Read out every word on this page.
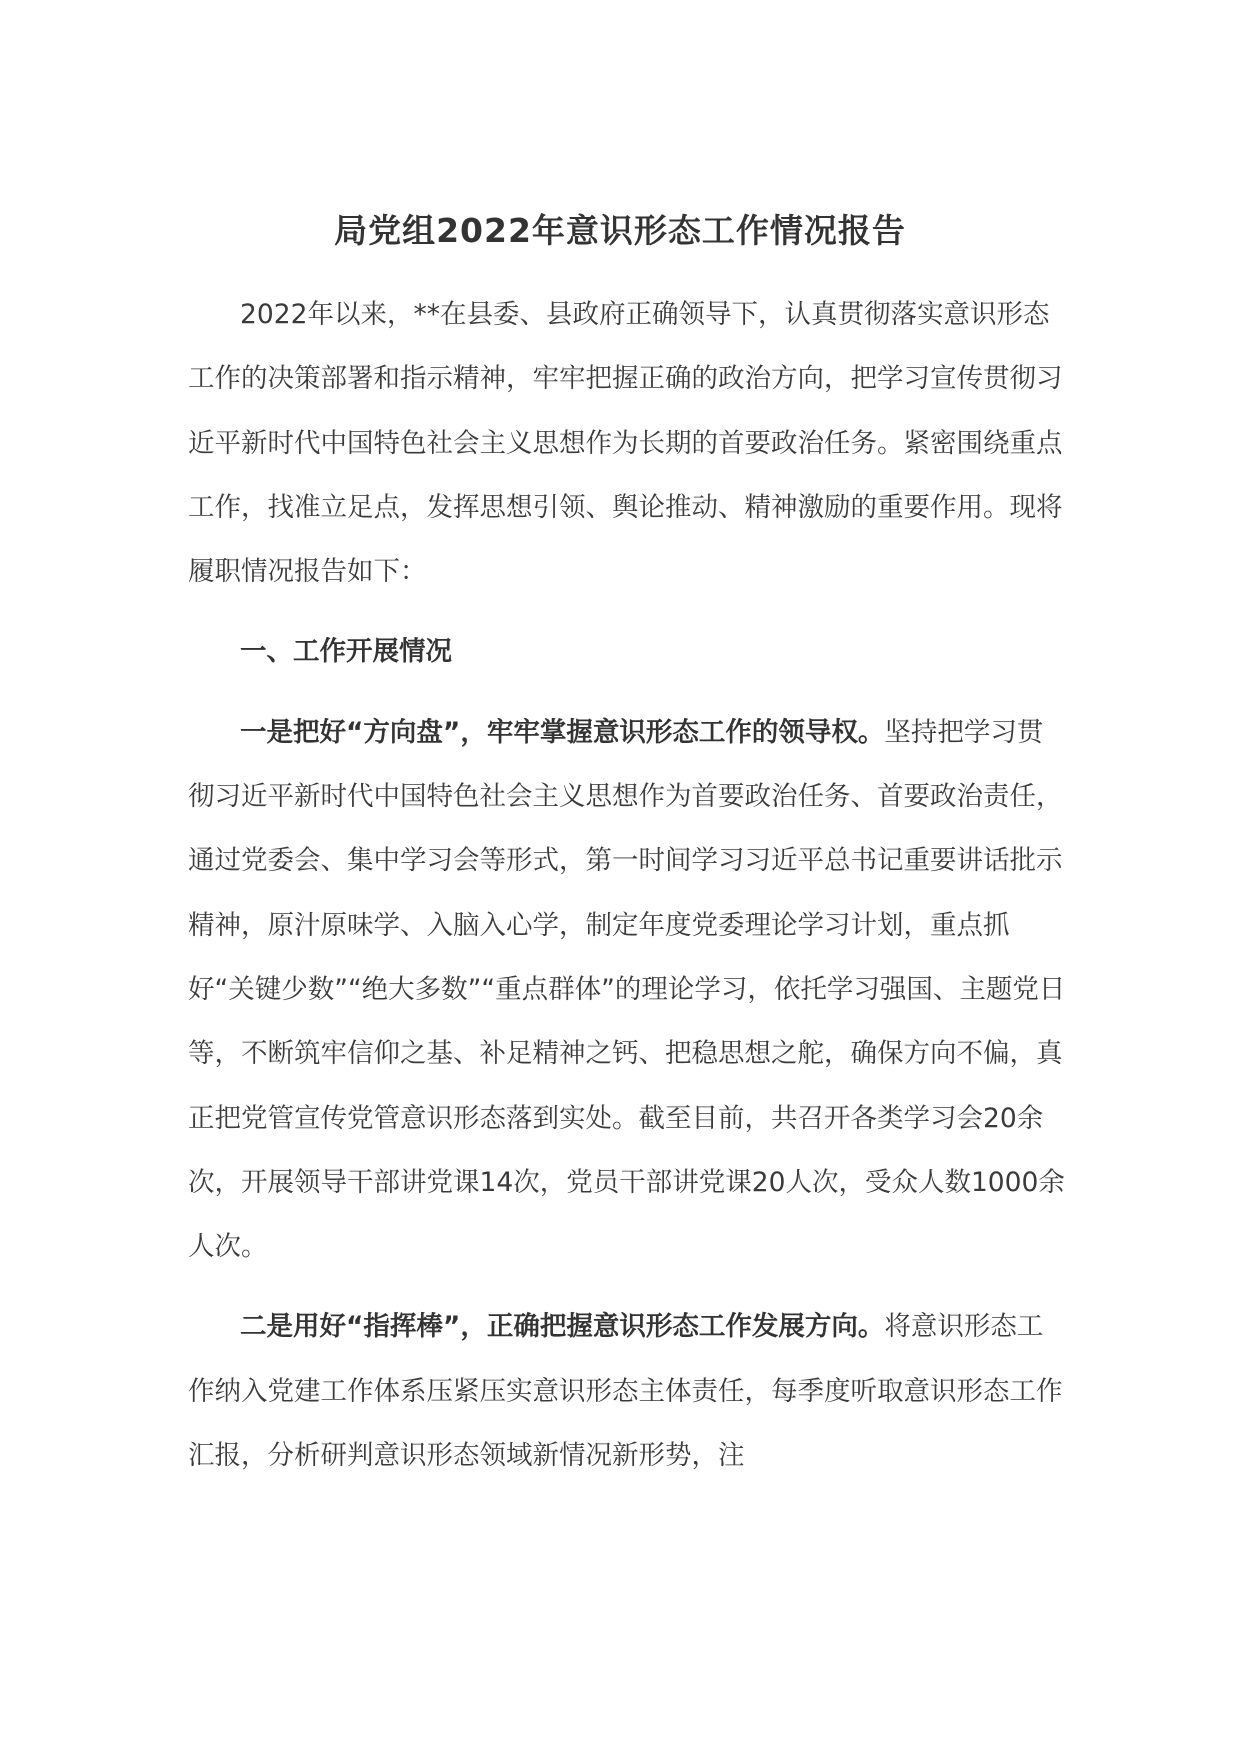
局党组2022年意识形态工作情况报告

2022年以来，**在县委、县政府正确领导下，认真贯彻落实意识形态工作的决策部署和指示精神，牢牢把握正确的政治方向，把学习宣传贯彻习近平新时代中国特色社会主义思想作为长期的首要政治任务。紧密围绕重点工作，找准立足点，发挥思想引领、舆论推动、精神激励的重要作用。现将履职情况报告如下：

一、工作开展情况

一是把好“方向盘”，牢牢掌握意识形态工作的领导权。坚持把学习贯彻习近平新时代中国特色社会主义思想作为首要政治任务、首要政治责任，通过党委会、集中学习会等形式，第一时间学习习近平总书记重要讲话批示精神，原汁原味学、入脑入心学，制定年度党委理论学习计划，重点抓好“关键少数”“绝大多数”“重点群体”的理论学习，依托学习强国、主题党日等，不断筑牢信仰之基、补足精神之钙、把稳思想之舵，确保方向不偏，真正把党管宣传党管意识形态落到实处。截至目前，共召开各类学习会20余次，开展领导干部讲党课14次，党员干部讲党课20人次，受众人数1000余人次。

二是用好“指挥棒”，正确把握意识形态工作发展方向。将意识形态工作纳入党建工作体系压紧压实意识形态主体责任，每季度听取意识形态工作汇报，分析研判意识形态领域新情况新形势，注
